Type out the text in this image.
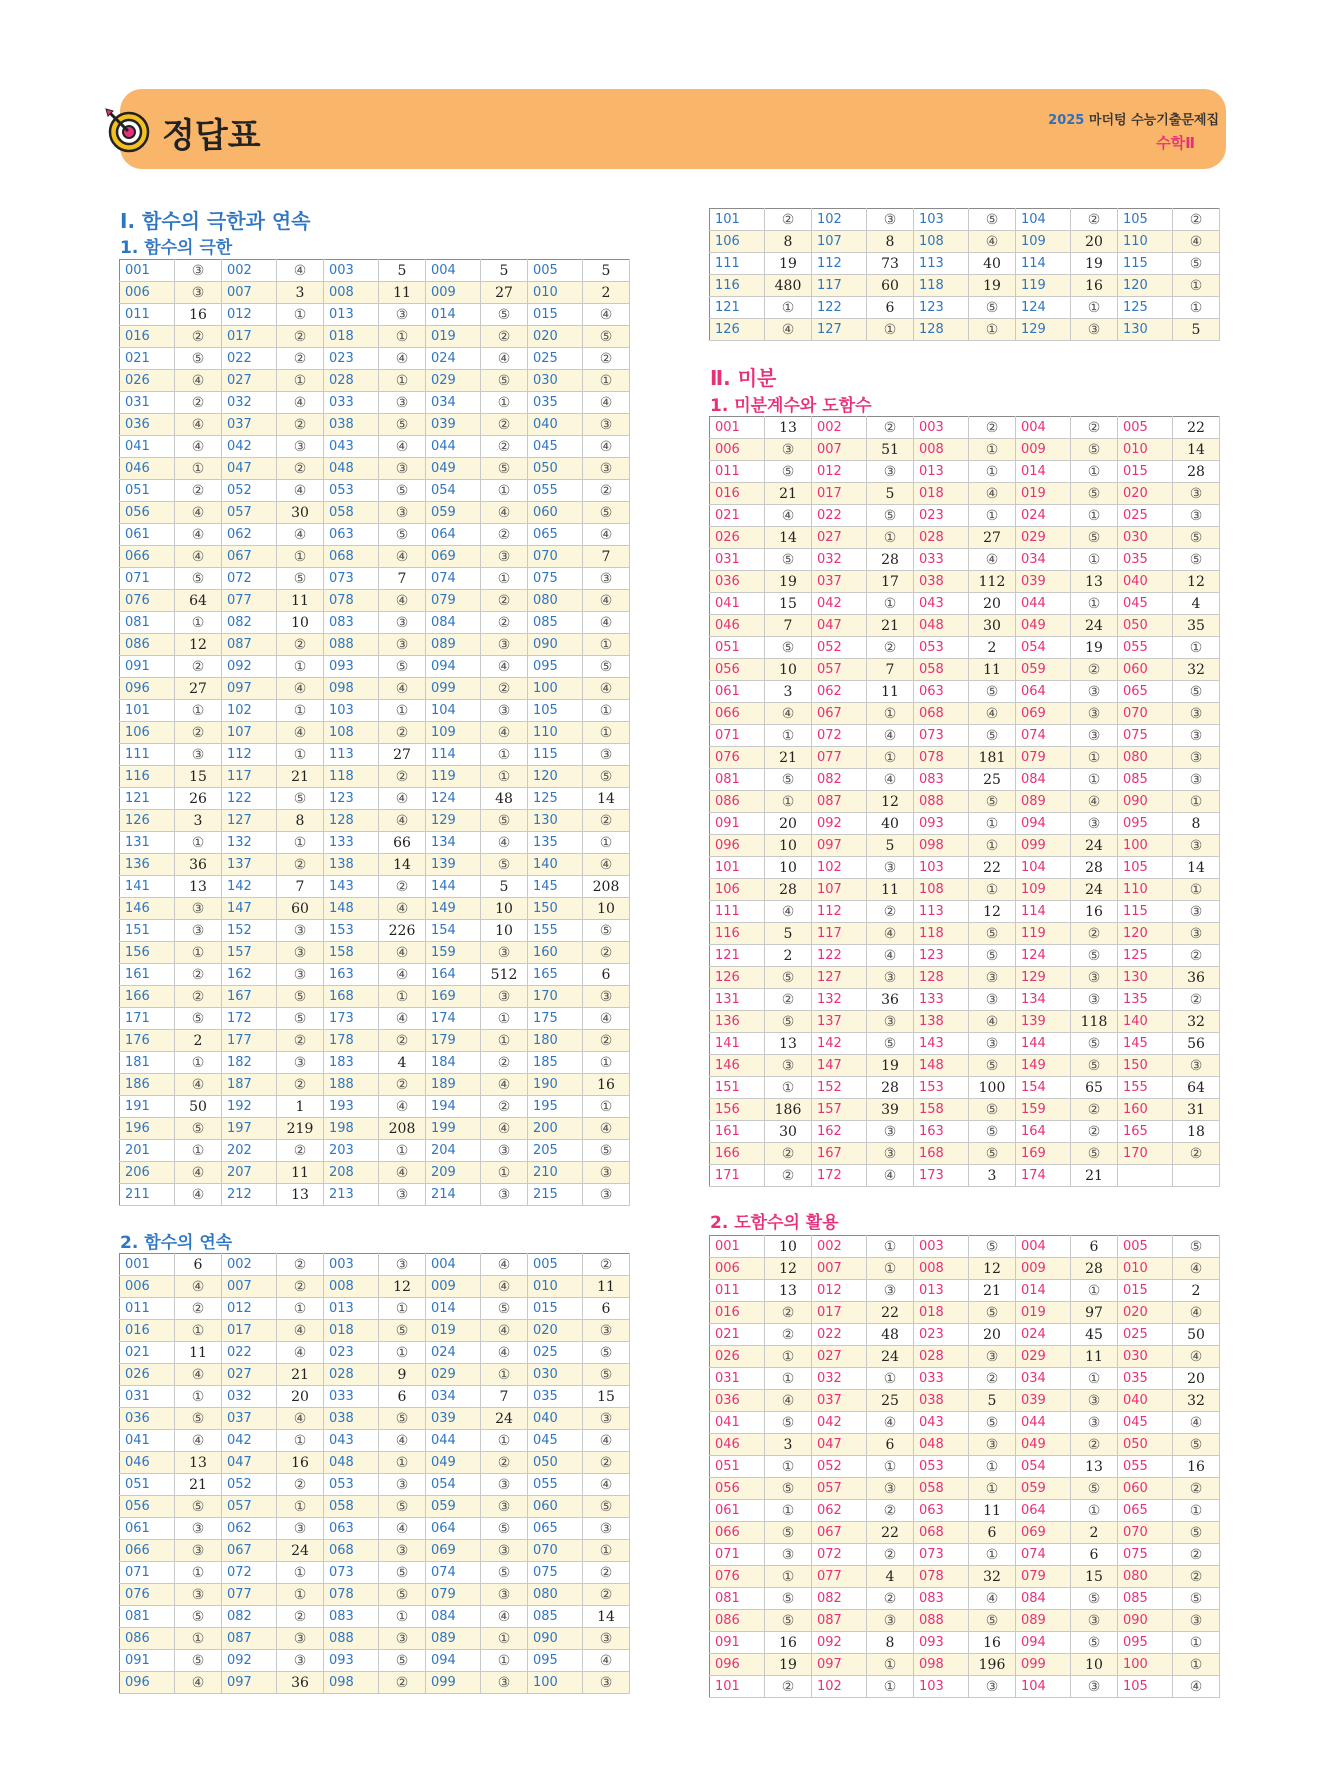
정답표	2025 마더텅 수능기출문제집
수학Ⅱ
Ⅰ. 함수의 극한과 연속
1. 함수의 극한
001	③	002	④	003	5	004	5	005	5
006	③	007	3	008	11	009	27	010	2
011	16	012	①	013	③	014	⑤	015	④
016	②	017	②	018	①	019	②	020	⑤
021	⑤	022	②	023	④	024	④	025	②
026	④	027	①	028	①	029	⑤	030	①
031	②	032	④	033	③	034	①	035	④
036	④	037	②	038	⑤	039	②	040	③
041	④	042	③	043	④	044	②	045	④
046	①	047	②	048	③	049	⑤	050	③
051	②	052	④	053	⑤	054	①	055	②
056	④	057	30	058	③	059	④	060	⑤
061	④	062	④	063	⑤	064	②	065	④
066	④	067	①	068	④	069	③	070	7
071	⑤	072	⑤	073	7	074	①	075	③
076	64	077	11	078	④	079	②	080	④
081	①	082	10	083	③	084	②	085	④
086	12	087	②	088	③	089	③	090	①
091	②	092	①	093	⑤	094	④	095	⑤
096	27	097	④	098	④	099	②	100	④
101	①	102	①	103	①	104	③	105	①
106	②	107	④	108	②	109	④	110	①
111	③	112	①	113	27	114	①	115	③
116	15	117	21	118	②	119	①	120	⑤
121	26	122	⑤	123	④	124	48	125	14
126	3	127	8	128	④	129	⑤	130	②
131	①	132	①	133	66	134	④	135	①
136	36	137	②	138	14	139	⑤	140	④
141	13	142	7	143	②	144	5	145	208
146	③	147	60	148	④	149	10	150	10
151	③	152	③	153	226	154	10	155	⑤
156	①	157	③	158	④	159	③	160	②
161	②	162	③	163	④	164	512	165	6
166	②	167	⑤	168	①	169	③	170	③
171	⑤	172	⑤	173	④	174	①	175	④
176	2	177	②	178	②	179	①	180	②
181	①	182	③	183	4	184	②	185	①
186	④	187	②	188	②	189	④	190	16
191	50	192	1	193	④	194	②	195	①
196	⑤	197	219	198	208	199	④	200	④
201	①	202	②	203	①	204	③	205	⑤
206	④	207	11	208	④	209	①	210	③
211	④	212	13	213	③	214	③	215	③
2. 함수의 연속
001	6	002	②	003	③	004	④	005	②
006	④	007	②	008	12	009	④	010	11
011	②	012	①	013	①	014	⑤	015	6
016	①	017	④	018	⑤	019	④	020	③
021	11	022	④	023	①	024	④	025	⑤
026	④	027	21	028	9	029	①	030	⑤
031	①	032	20	033	6	034	7	035	15
036	⑤	037	④	038	⑤	039	24	040	③
041	④	042	①	043	④	044	①	045	④
046	13	047	16	048	①	049	②	050	②
051	21	052	②	053	③	054	③	055	④
056	⑤	057	①	058	⑤	059	③	060	⑤
061	③	062	③	063	④	064	⑤	065	③
066	③	067	24	068	③	069	③	070	①
071	①	072	①	073	⑤	074	⑤	075	②
076	③	077	①	078	⑤	079	③	080	②
081	⑤	082	②	083	①	084	④	085	14
086	①	087	③	088	③	089	①	090	③
091	⑤	092	③	093	⑤	094	①	095	④
096	④	097	36	098	②	099	③	100	③
101	②	102	③	103	⑤	104	②	105	②
106	8	107	8	108	④	109	20	110	④
111	19	112	73	113	40	114	19	115	⑤
116	480	117	60	118	19	119	16	120	①
121	①	122	6	123	⑤	124	①	125	①
126	④	127	①	128	①	129	③	130	5
Ⅱ. 미분
1. 미분계수와 도함수
001	13	002	②	003	②	004	②	005	22
006	③	007	51	008	①	009	⑤	010	14
011	⑤	012	③	013	①	014	①	015	28
016	21	017	5	018	④	019	⑤	020	③
021	④	022	⑤	023	①	024	①	025	③
026	14	027	①	028	27	029	⑤	030	⑤
031	⑤	032	28	033	④	034	①	035	⑤
036	19	037	17	038	112	039	13	040	12
041	15	042	①	043	20	044	①	045	4
046	7	047	21	048	30	049	24	050	35
051	⑤	052	②	053	2	054	19	055	①
056	10	057	7	058	11	059	②	060	32
061	3	062	11	063	⑤	064	③	065	⑤
066	④	067	①	068	④	069	③	070	③
071	①	072	④	073	⑤	074	③	075	③
076	21	077	①	078	181	079	①	080	③
081	⑤	082	④	083	25	084	①	085	③
086	①	087	12	088	⑤	089	④	090	①
091	20	092	40	093	①	094	③	095	8
096	10	097	5	098	①	099	24	100	③
101	10	102	③	103	22	104	28	105	14
106	28	107	11	108	①	109	24	110	①
111	④	112	②	113	12	114	16	115	③
116	5	117	④	118	⑤	119	②	120	③
121	2	122	④	123	⑤	124	⑤	125	②
126	⑤	127	③	128	③	129	③	130	36
131	②	132	36	133	③	134	③	135	②
136	⑤	137	③	138	④	139	118	140	32
141	13	142	⑤	143	③	144	⑤	145	56
146	③	147	19	148	⑤	149	⑤	150	③
151	①	152	28	153	100	154	65	155	64
156	186	157	39	158	⑤	159	②	160	31
161	30	162	③	163	⑤	164	②	165	18
166	②	167	③	168	⑤	169	⑤	170	②
171	②	172	④	173	3	174	21		
2. 도함수의 활용
001	10	002	①	003	⑤	004	6	005	⑤
006	12	007	①	008	12	009	28	010	④
011	13	012	③	013	21	014	①	015	2
016	②	017	22	018	⑤	019	97	020	④
021	②	022	48	023	20	024	45	025	50
026	①	027	24	028	③	029	11	030	④
031	①	032	①	033	②	034	①	035	20
036	④	037	25	038	5	039	③	040	32
041	⑤	042	④	043	⑤	044	③	045	④
046	3	047	6	048	③	049	②	050	⑤
051	①	052	①	053	①	054	13	055	16
056	⑤	057	③	058	①	059	⑤	060	②
061	①	062	②	063	11	064	①	065	①
066	⑤	067	22	068	6	069	2	070	⑤
071	③	072	②	073	①	074	6	075	②
076	①	077	4	078	32	079	15	080	②
081	⑤	082	②	083	④	084	⑤	085	⑤
086	⑤	087	③	088	⑤	089	③	090	③
091	16	092	8	093	16	094	⑤	095	①
096	19	097	①	098	196	099	10	100	①
101	②	102	①	103	③	104	③	105	④
